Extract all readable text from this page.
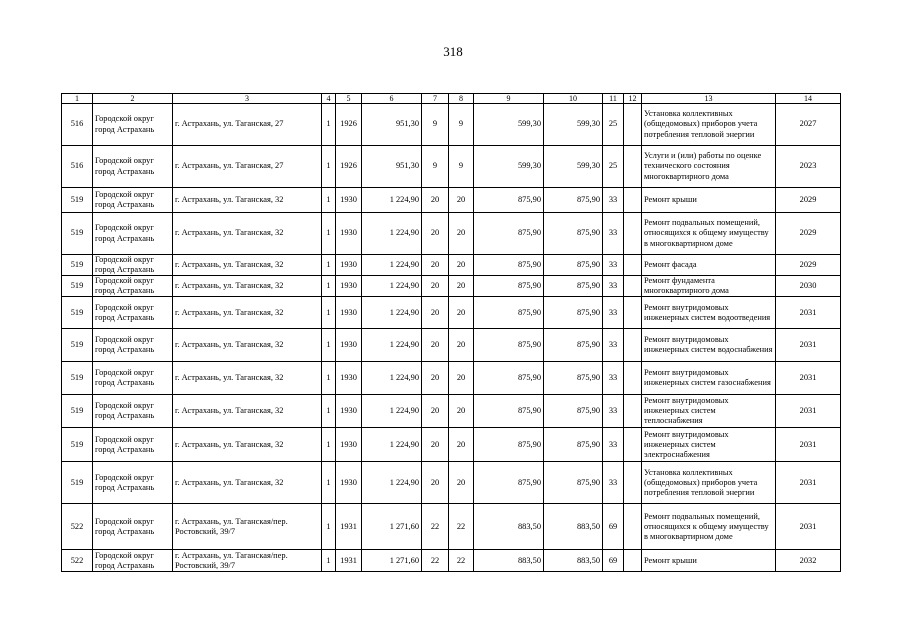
318
1	2	3	4	5	6	7	8	9	10	11	12	13	14
516	Городской округ город Астрахань	г. Астрахань, ул. Таганская, 27	1	1926	951,30	9	9	599,30	599,30	25		Установка коллективных (общедомовых) приборов учета потребления тепловой энергии	2027
516	Городской округ город Астрахань	г. Астрахань, ул. Таганская, 27	1	1926	951,30	9	9	599,30	599,30	25		Услуги и (или) работы по оценке технического состояния многоквартирного дома	2023
519	Городской округ город Астрахань	г. Астрахань, ул. Таганская, 32	1	1930	1 224,90	20	20	875,90	875,90	33		Ремонт крыши	2029
519	Городской округ город Астрахань	г. Астрахань, ул. Таганская, 32	1	1930	1 224,90	20	20	875,90	875,90	33		Ремонт подвальных помещений, относящихся к общему имуществу в многоквартирном доме	2029
519	Городской округ город Астрахань	г. Астрахань, ул. Таганская, 32	1	1930	1 224,90	20	20	875,90	875,90	33		Ремонт фасада	2029
519	Городской округ город Астрахань	г. Астрахань, ул. Таганская, 32	1	1930	1 224,90	20	20	875,90	875,90	33		Ремонт фундамента многоквартирного дома	2030
519	Городской округ город Астрахань	г. Астрахань, ул. Таганская, 32	1	1930	1 224,90	20	20	875,90	875,90	33		Ремонт внутридомовых инженерных систем водоотведения	2031
519	Городской округ город Астрахань	г. Астрахань, ул. Таганская, 32	1	1930	1 224,90	20	20	875,90	875,90	33		Ремонт внутридомовых инженерных систем водоснабжения	2031
519	Городской округ город Астрахань	г. Астрахань, ул. Таганская, 32	1	1930	1 224,90	20	20	875,90	875,90	33		Ремонт внутридомовых инженерных систем газоснабжения	2031
519	Городской округ город Астрахань	г. Астрахань, ул. Таганская, 32	1	1930	1 224,90	20	20	875,90	875,90	33		Ремонт внутридомовых инженерных систем теплоснабжения	2031
519	Городской округ город Астрахань	г. Астрахань, ул. Таганская, 32	1	1930	1 224,90	20	20	875,90	875,90	33		Ремонт внутридомовых инженерных систем электроснабжения	2031
519	Городской округ город Астрахань	г. Астрахань, ул. Таганская, 32	1	1930	1 224,90	20	20	875,90	875,90	33		Установка коллективных (общедомовых) приборов учета потребления тепловой энергии	2031
522	Городской округ город Астрахань	г. Астрахань, ул. Таганская/пер. Ростовский, 39/7	1	1931	1 271,60	22	22	883,50	883,50	69		Ремонт подвальных помещений, относящихся к общему имуществу в многоквартирном доме	2031
522	Городской округ город Астрахань	г. Астрахань, ул. Таганская/пер. Ростовский, 39/7	1	1931	1 271,60	22	22	883,50	883,50	69		Ремонт крыши	2032
